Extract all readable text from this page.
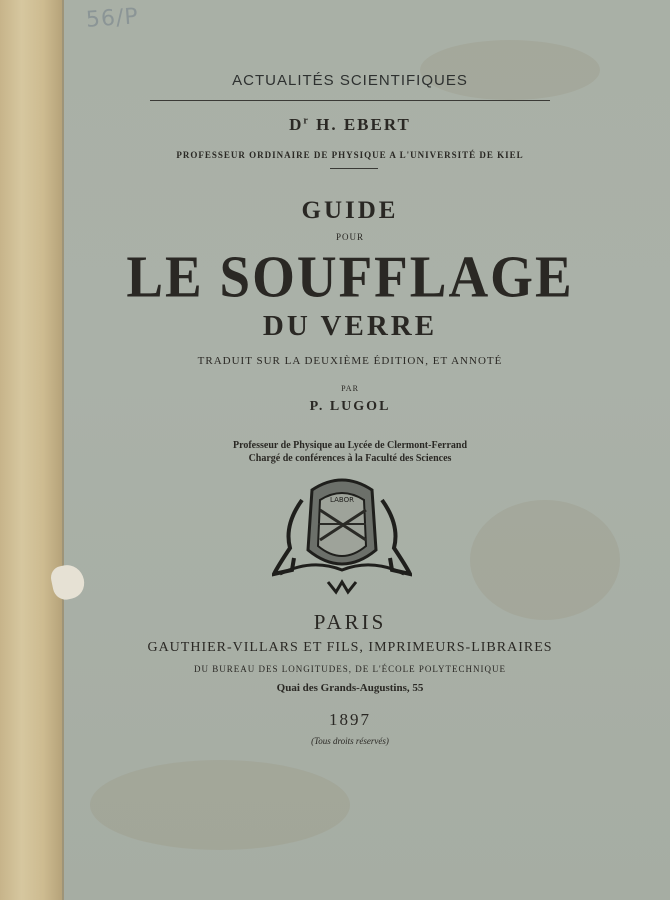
56/P
ACTUALITÉS SCIENTIFIQUES
$D^r$ H. EBERT
PROFESSEUR ORDINAIRE DE PHYSIQUE A L'UNIVERSITÉ DE KIEL
GUIDE
POUR
LE SOUFFLAGE
DU VERRE
TRADUIT SUR LA DEUXIÈME ÉDITION, ET ANNOTÉ
PAR
P. LUGOL
Professeur de Physique au Lycée de Clermont-Ferrand
Chargé de conférences à la Faculté des Sciences
LABOR
PARIS
GAUTHIER-VILLARS ET FILS, IMPRIMEURS-LIBRAIRES
DU BUREAU DES LONGITUDES, DE L'ÉCOLE POLYTECHNIQUE
Quai des Grands-Augustins, 55
1897
(Tous droits réservés)
